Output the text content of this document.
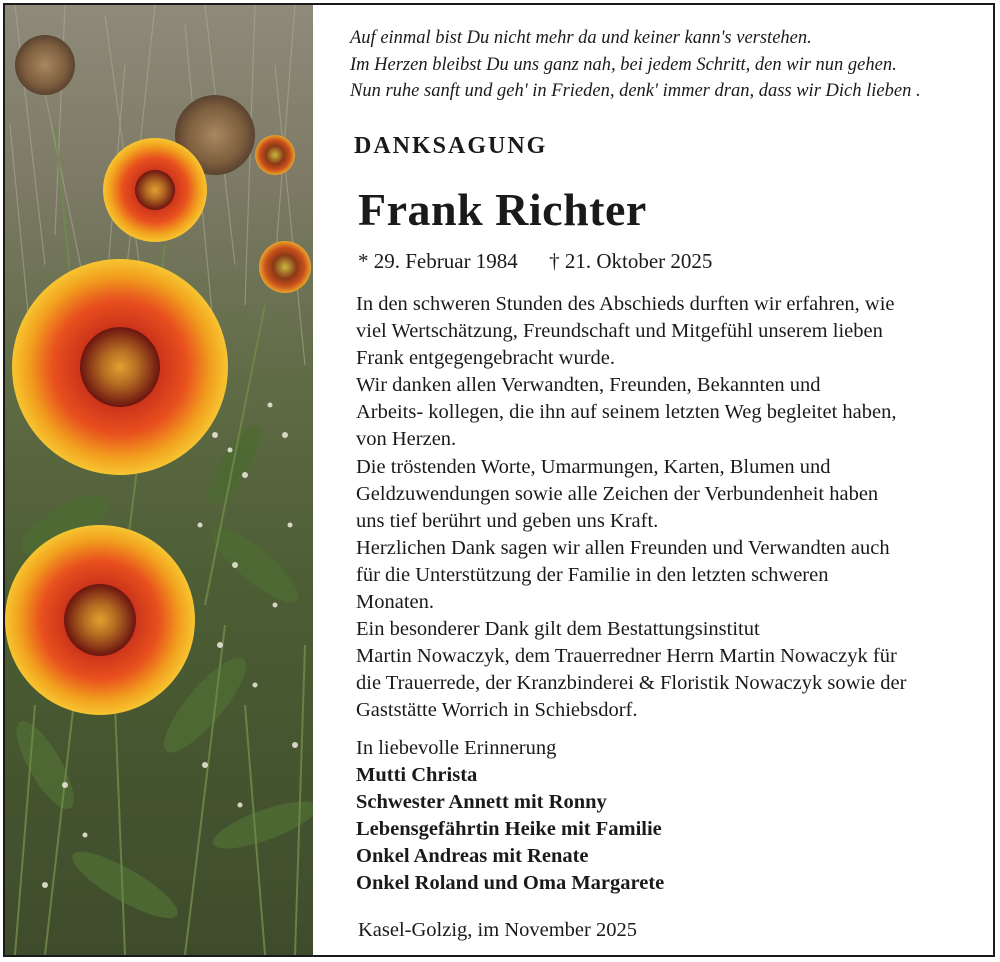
Auf einmal bist Du nicht mehr da und keiner kann's verstehen.
Im Herzen bleibst Du uns ganz nah, bei jedem Schritt, den wir nun gehen.
Nun ruhe sanft und geh' in Frieden, denk' immer dran, dass wir Dich lieben .
DANKSAGUNG
Frank Richter
* 29. Februar 1984 † 21. Oktober 2025
In den schweren Stunden des Abschieds durften wir erfahren, wie
viel Wertschätzung, Freundschaft und Mitgefühl unserem lieben
Frank entgegengebracht wurde.
Wir danken allen Verwandten, Freunden, Bekannten und
Arbeits- kollegen, die ihn auf seinem letzten Weg begleitet haben,
von Herzen.
Die tröstenden Worte, Umarmungen, Karten, Blumen und
Geldzuwendungen sowie alle Zeichen der Verbundenheit haben
uns tief berührt und geben uns Kraft.
Herzlichen Dank sagen wir allen Freunden und Verwandten auch
für die Unterstützung der Familie in den letzten schweren
Monaten.
Ein besonderer Dank gilt dem Bestattungsinstitut
Martin Nowaczyk, dem Trauerredner Herrn Martin Nowaczyk für
die Trauerrede, der Kranzbinderei & Floristik Nowaczyk sowie der
Gaststätte Worrich in Schiebsdorf.
In liebevolle Erinnerung
Mutti Christa
Schwester Annett mit Ronny
Lebensgefährtin Heike mit Familie
Onkel Andreas mit Renate
Onkel Roland und Oma Margarete
Kasel-Golzig, im November 2025
